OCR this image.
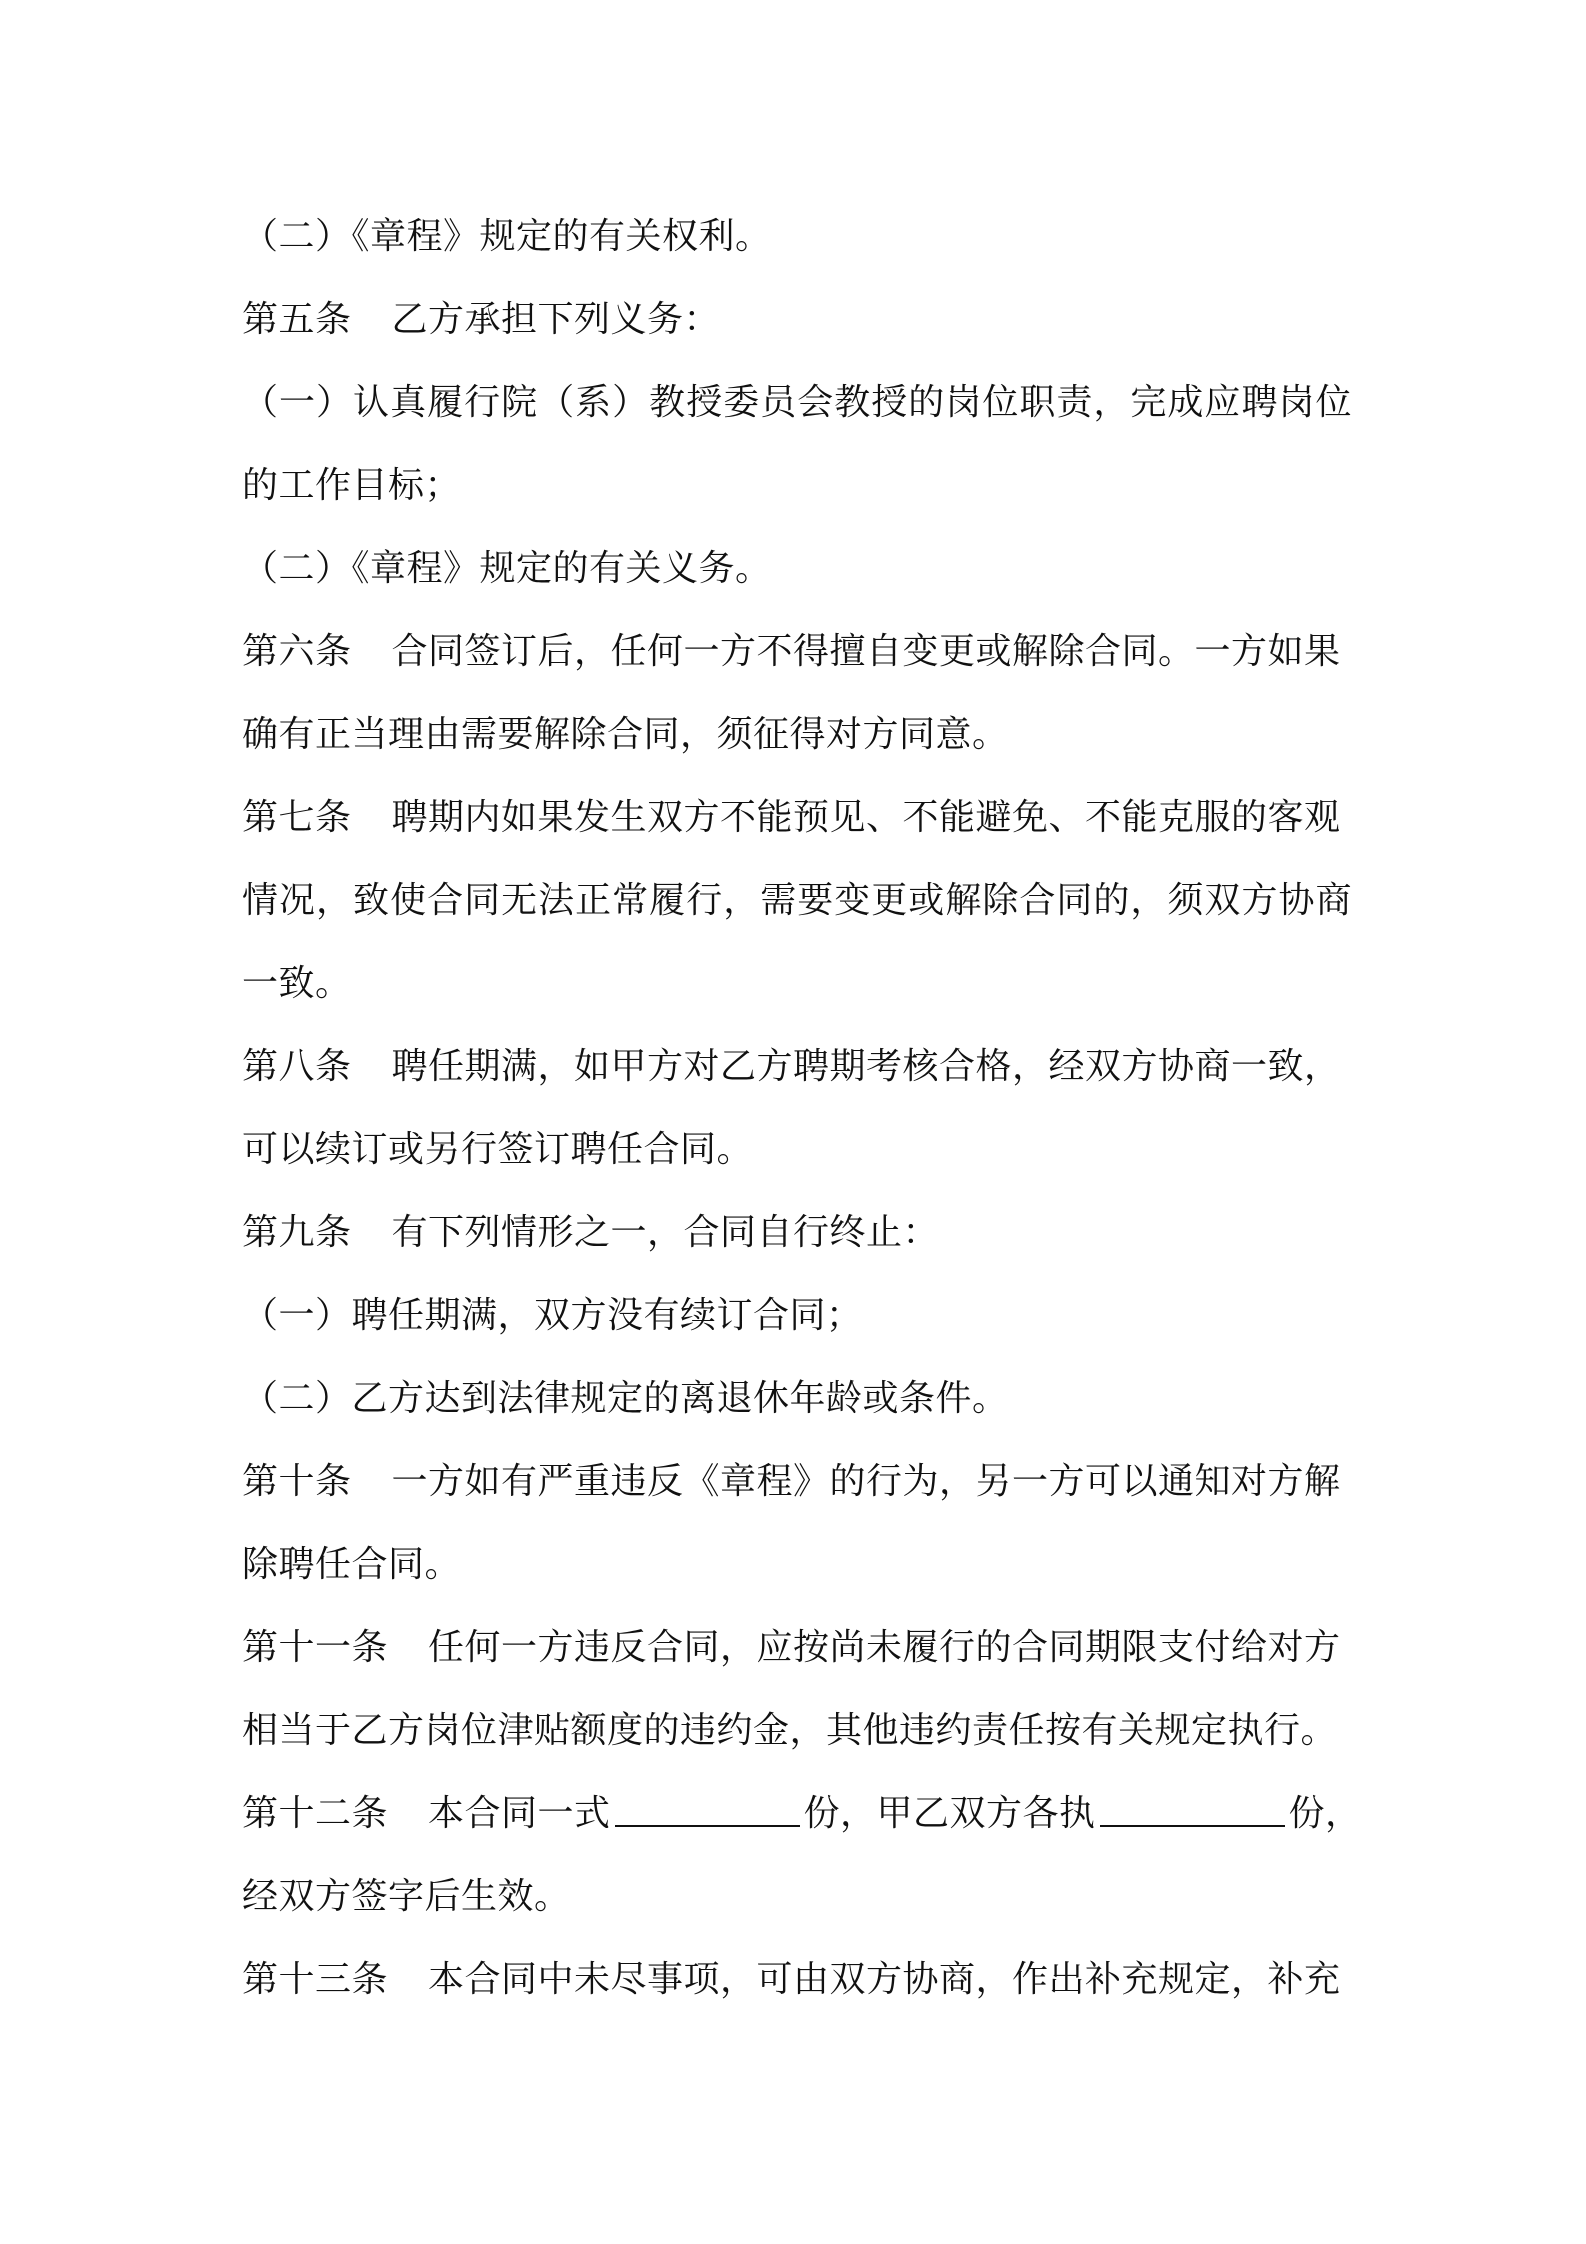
（二）《章程》规定的有关权利。
第五条 乙方承担下列义务：
（一）认真履行院（系）教授委员会教授的岗位职责，完成应聘岗位
的工作目标；
（二）《章程》规定的有关义务。
第六条 合同签订后，任何一方不得擅自变更或解除合同。一方如果
确有正当理由需要解除合同，须征得对方同意。
第七条 聘期内如果发生双方不能预见、不能避免、不能克服的客观
情况，致使合同无法正常履行，需要变更或解除合同的，须双方协商
一致。
第八条 聘任期满，如甲方对乙方聘期考核合格，经双方协商一致，
可以续订或另行签订聘任合同。
第九条 有下列情形之一，合同自行终止：
（一）聘任期满，双方没有续订合同；
（二）乙方达到法律规定的离退休年龄或条件。
第十条 一方如有严重违反《章程》的行为，另一方可以通知对方解
除聘任合同。
第十一条 任何一方违反合同，应按尚未履行的合同期限支付给对方
相当于乙方岗位津贴额度的违约金，其他违约责任按有关规定执行。
第十二条 本合同一式	份，甲乙双方各执	份，
经双方签字后生效。
第十三条 本合同中未尽事项，可由双方协商，作出补充规定，补充
